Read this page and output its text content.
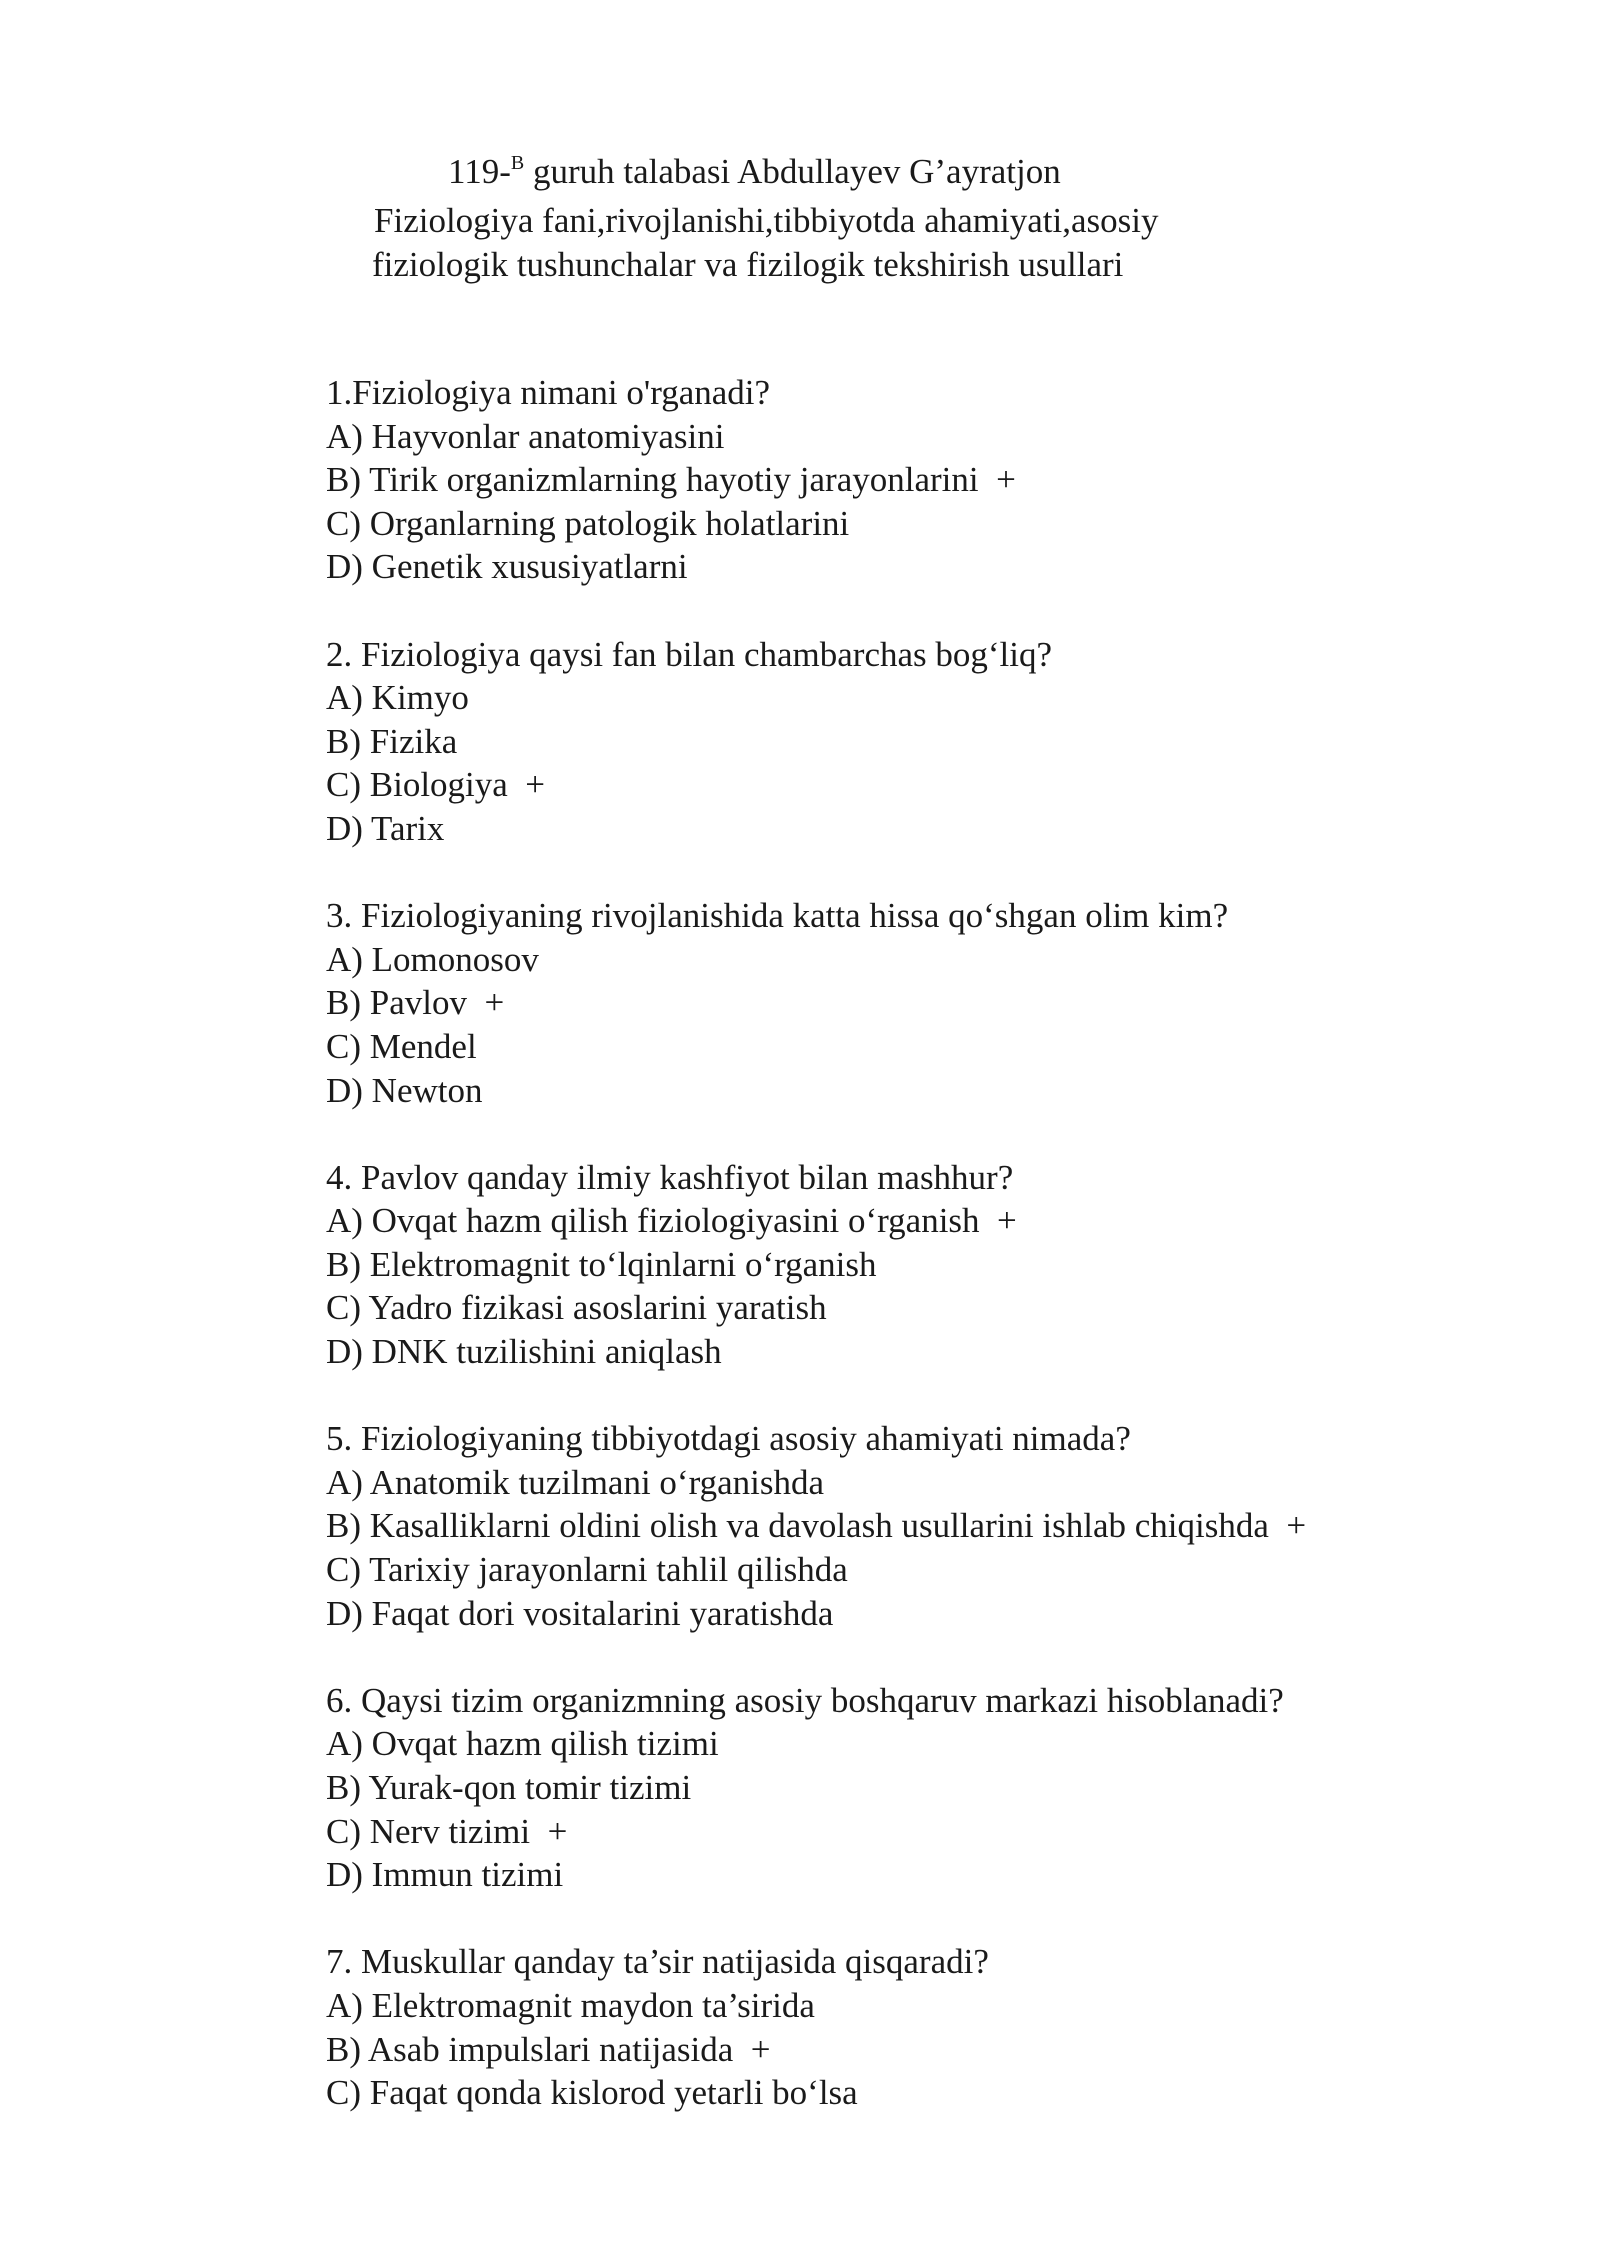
119-$^B$ guruh talabasi Abdullayev G’ayratjon
Fiziologiya fani,rivojlanishi,tibbiyotda ahamiyati,asosiy
fiziologik tushunchalar va fizilogik tekshirish usullari
1.Fiziologiya nimani o'rganadi?
A) Hayvonlar anatomiyasini
B) Tirik organizmlarning hayotiy jarayonlarini  +
C) Organlarning patologik holatlarini
D) Genetik xususiyatlarni
2. Fiziologiya qaysi fan bilan chambarchas bog‘liq?
A) Kimyo
B) Fizika
C) Biologiya  +
D) Tarix
3. Fiziologiyaning rivojlanishida katta hissa qo‘shgan olim kim?
A) Lomonosov
B) Pavlov  +
C) Mendel
D) Newton
4. Pavlov qanday ilmiy kashfiyot bilan mashhur?
A) Ovqat hazm qilish fiziologiyasini o‘rganish  +
B) Elektromagnit to‘lqinlarni o‘rganish
C) Yadro fizikasi asoslarini yaratish
D) DNK tuzilishini aniqlash
5. Fiziologiyaning tibbiyotdagi asosiy ahamiyati nimada?
A) Anatomik tuzilmani o‘rganishda
B) Kasalliklarni oldini olish va davolash usullarini ishlab chiqishda  +
C) Tarixiy jarayonlarni tahlil qilishda
D) Faqat dori vositalarini yaratishda
6. Qaysi tizim organizmning asosiy boshqaruv markazi hisoblanadi?
A) Ovqat hazm qilish tizimi
B) Yurak-qon tomir tizimi
C) Nerv tizimi  +
D) Immun tizimi
7. Muskullar qanday ta’sir natijasida qisqaradi?
A) Elektromagnit maydon ta’sirida
B) Asab impulslari natijasida  +
C) Faqat qonda kislorod yetarli bo‘lsa
